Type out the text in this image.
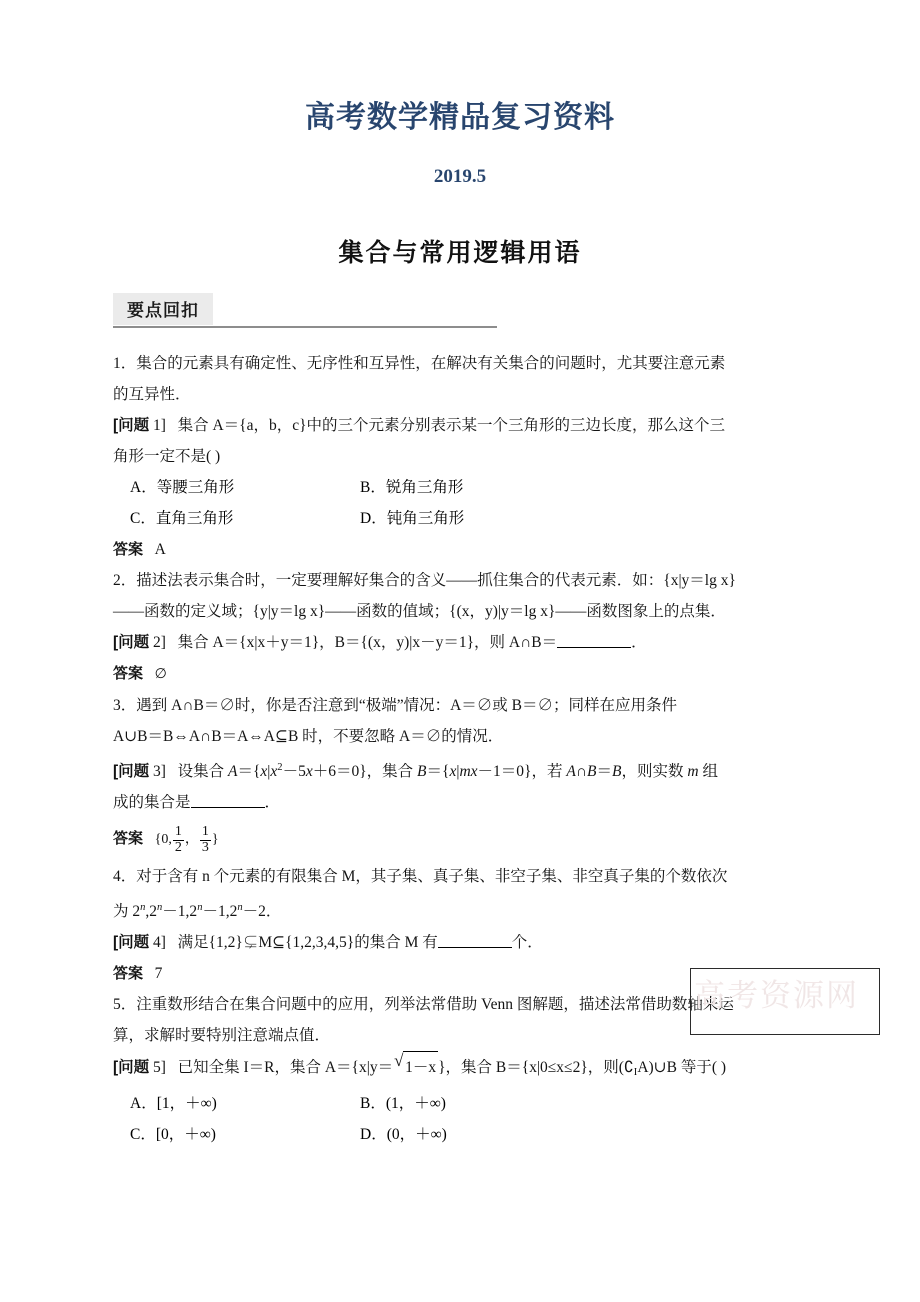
高考数学精品复习资料
2019.5
集合与常用逻辑用语
要点回扣
1．集合的元素具有确定性、无序性和互异性，在解决有关集合的问题时，尤其要注意元素
的互异性．
[问题 1] 集合 A＝{a，b，c}中的三个元素分别表示某一个三角形的三边长度，那么这个三
角形一定不是( )
A．等腰三角形	B．锐角三角形
C．直角三角形	D．钝角三角形
答案 A
2．描述法表示集合时，一定要理解好集合的含义——抓住集合的代表元素．如：{x|y＝lg x}
——函数的定义域；{y|y＝lg x}——函数的值域；{(x，y)|y＝lg x}——函数图象上的点集．
[问题 2] 集合 A＝{x|x＋y＝1}，B＝{(x，y)|x－y＝1}，则 A∩B＝	．
答案 ∅
3．遇到 A∩B＝∅时，你是否注意到“极端”情况：A＝∅或 B＝∅；同样在应用条件
A∪B＝B⇔A∩B＝A⇔A⊆B 时，不要忽略 A＝∅的情况．
[问题 3] 设集合 $A=\{x|x^2-5x+6=0\}$，集合 B＝{x|mx－1＝0}，若 A∩B＝B，则实数 m 组
成的集合是	．
答案 {0, $\frac{1}{2}$ ， $\frac{1}{3}$ }
4．对于含有 n 个元素的有限集合 M，其子集、真子集、非空子集、非空真子集的个数依次
为 $2^n,2^n-1,2^n-1,2^n-2$．
[问题 4] 满足{1,2}⊊M⊆{1,2,3,4,5}的集合 M 有	个．
答案 7
5．注重数形结合在集合问题中的应用，列举法常借助 Venn 图解题，描述法常借助数轴来运
算，求解时要特别注意端点值．
[问题 5] 已知全集 I＝R，集合 A＝{x|y＝ √ 1－x }，集合 B＝{x|0≤x≤2}，则$(∁_IA)\cup B$ 等于( )
A．[1，＋∞)	B．(1，＋∞)
C．[0，＋∞)	D．(0，＋∞)
高考资源网
